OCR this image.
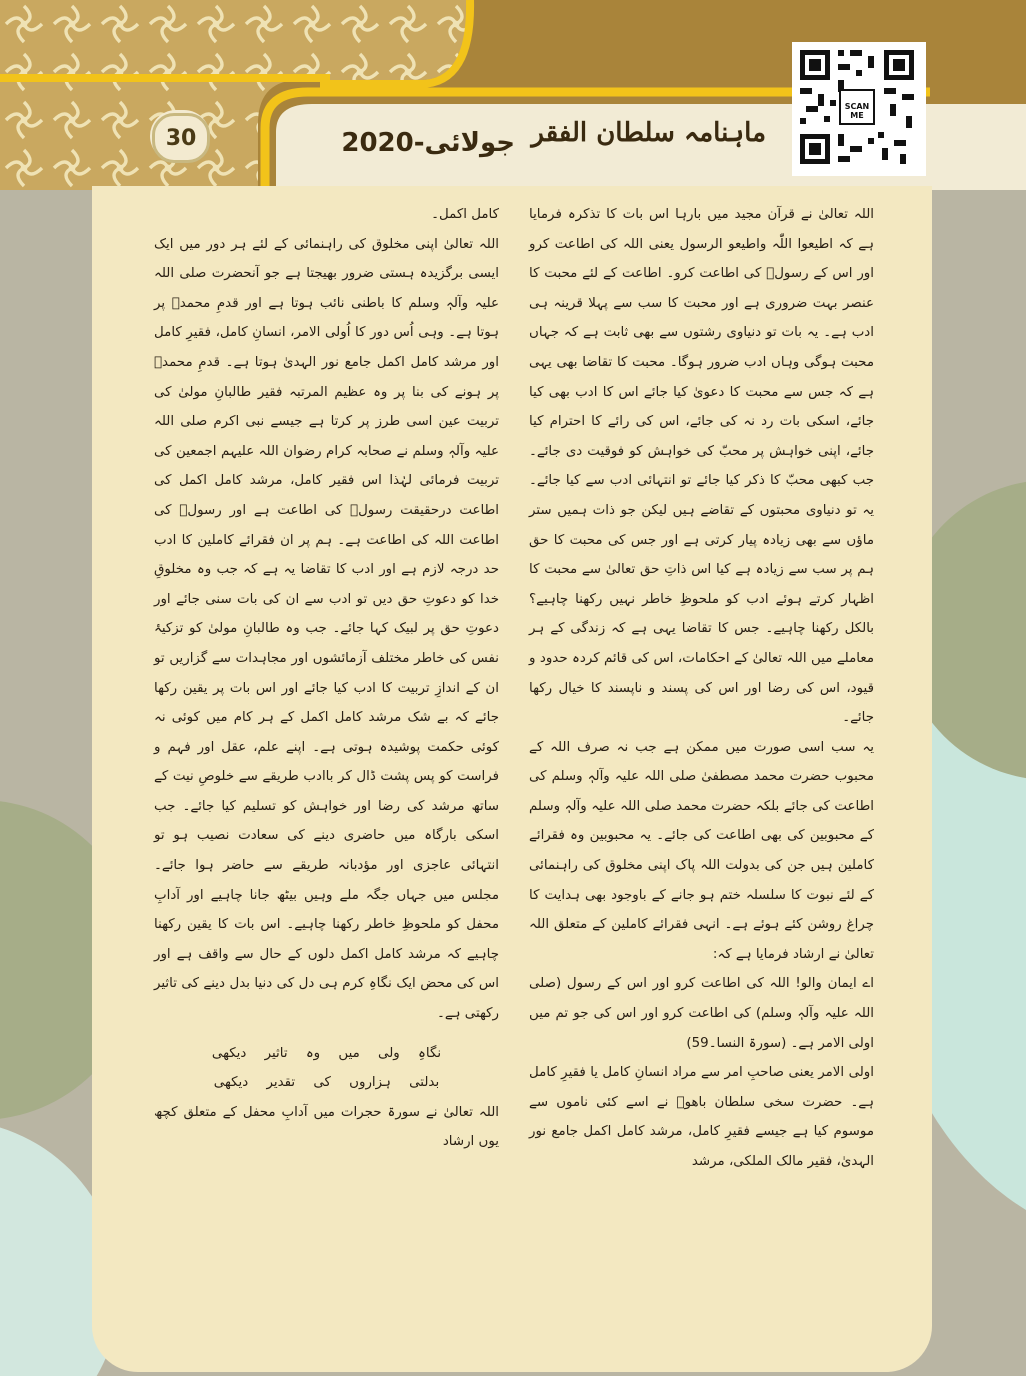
30	جولائی-2020 ماہنامہ سلطان الفقر
SCAN ME

اللہ تعالیٰ نے قرآن مجید میں بارہا اس بات کا تذکرہ فرمایا ہے کہ اطیعوا اللّٰہ واطیعو الرسول یعنی اللہ کی اطاعت کرو اور اس کے رسولؐ کی اطاعت کرو۔ اطاعت کے لئے محبت کا عنصر بہت ضروری ہے اور محبت کا سب سے پہلا قرینہ ہی ادب ہے۔ یہ بات تو دنیاوی رشتوں سے بھی ثابت ہے کہ جہاں محبت ہوگی وہاں ادب ضرور ہوگا۔ محبت کا تقاضا بھی یہی ہے کہ جس سے محبت کا دعویٰ کیا جائے اس کا ادب بھی کیا جائے، اسکی بات رد نہ کی جائے، اس کی رائے کا احترام کیا جائے، اپنی خواہش پر محبّ کی خواہش کو فوقیت دی جائے۔ جب کبھی محبّ کا ذکر کیا جائے تو انتہائی ادب سے کیا جائے۔ یہ تو دنیاوی محبتوں کے تقاضے ہیں لیکن جو ذات ہمیں ستر ماؤں سے بھی زیادہ پیار کرتی ہے اور جس کی محبت کا حق ہم پر سب سے زیادہ ہے کیا اس ذاتِ حق تعالیٰ سے محبت کا اظہار کرتے ہوئے ادب کو ملحوظِ خاطر نہیں رکھنا چاہیے؟ بالکل رکھنا چاہیے۔ جس کا تقاضا یہی ہے کہ زندگی کے ہر معاملے میں اللہ تعالیٰ کے احکامات، اس کی قائم کردہ حدود و قیود، اس کی رضا اور اس کی پسند و ناپسند کا خیال رکھا جائے۔

یہ سب اسی صورت میں ممکن ہے جب نہ صرف اللہ کے محبوب حضرت محمد مصطفیٰ صلی اللہ علیہ وآلہٖ وسلم کی اطاعت کی جائے بلکہ حضرت محمد صلی اللہ علیہ وآلہٖ وسلم کے محبوبین کی بھی اطاعت کی جائے۔ یہ محبوبین وہ فقرائے کاملین ہیں جن کی بدولت اللہ پاک اپنی مخلوق کی راہنمائی کے لئے نبوت کا سلسلہ ختم ہو جانے کے باوجود بھی ہدایت کا چراغ روشن کئے ہوئے ہے۔ انہی فقرائے کاملین کے متعلق اللہ تعالیٰ نے ارشاد فرمایا ہے کہ:

اے ایمان والو! اللہ کی اطاعت کرو اور اس کے رسول (صلی اللہ علیہ وآلہٖ وسلم) کی اطاعت کرو اور اس کی جو تم میں اولی الامر ہے۔ (سورۃ النسا۔59)

اولی الامر یعنی صاحبِ امر سے مراد انسانِ کامل یا فقیرِ کامل ہے۔ حضرت سخی سلطان باھوؒ نے اسے کئی ناموں سے موسوم کیا ہے جیسے فقیرِ کامل، مرشد کامل اکمل جامع نور الہدیٰ، فقیر مالک الملکی، مرشد

کامل اکمل۔

اللہ تعالیٰ اپنی مخلوق کی راہنمائی کے لئے ہر دور میں ایک ایسی برگزیدہ ہستی ضرور بھیجتا ہے جو آنحضرت صلی اللہ علیہ وآلہٖ وسلم کا باطنی نائب ہوتا ہے اور قدمِ محمدؐ پر ہوتا ہے۔ وہی اُس دور کا اُولی الامر، انسانِ کامل، فقیرِ کامل اور مرشد کامل اکمل جامع نور الہدیٰ ہوتا ہے۔ قدمِ محمدؐ پر ہونے کی بنا پر وہ عظیم المرتبہ فقیر طالبانِ مولیٰ کی تربیت عین اسی طرز پر کرتا ہے جیسے نبی اکرم صلی اللہ علیہ وآلہٖ وسلم نے صحابہ کرام رضوان اللہ علیہم اجمعین کی تربیت فرمائی لہٰذا اس فقیر کامل، مرشد کامل اکمل کی اطاعت درحقیقت رسولؐ کی اطاعت ہے اور رسولؐ کی اطاعت اللہ کی اطاعت ہے۔ ہم پر ان فقرائے کاملین کا ادب حد درجہ لازم ہے اور ادب کا تقاضا یہ ہے کہ جب وہ مخلوقِ خدا کو دعوتِ حق دیں تو ادب سے ان کی بات سنی جائے اور دعوتِ حق پر لبیک کہا جائے۔ جب وہ طالبانِ مولیٰ کو تزکیۂ نفس کی خاطر مختلف آزمائشوں اور مجاہدات سے گزاریں تو ان کے اندازِ تربیت کا ادب کیا جائے اور اس بات پر یقین رکھا جائے کہ بے شک مرشد کامل اکمل کے ہر کام میں کوئی نہ کوئی حکمت پوشیدہ ہوتی ہے۔ اپنے علم، عقل اور فہم و فراست کو پس پشت ڈال کر باادب طریقے سے خلوصِ نیت کے ساتھ مرشد کی رضا اور خواہش کو تسلیم کیا جائے۔ جب اسکی بارگاہ میں حاضری دینے کی سعادت نصیب ہو تو انتہائی عاجزی اور مؤدبانہ طریقے سے حاضر ہوا جائے۔ مجلس میں جہاں جگہ ملے وہیں بیٹھ جانا چاہیے اور آدابِ محفل کو ملحوظِ خاطر رکھنا چاہیے۔ اس بات کا یقین رکھنا چاہیے کہ مرشد کامل اکمل دلوں کے حال سے واقف ہے اور اس کی محض ایک نگاہِ کرم ہی دل کی دنیا بدل دینے کی تاثیر رکھتی ہے۔

نگاہِ ولی میں وہ تاثیر دیکھی

بدلتی ہزاروں کی تقدیر دیکھی

اللہ تعالیٰ نے سورۃ حجرات میں آدابِ محفل کے متعلق کچھ یوں ارشاد
